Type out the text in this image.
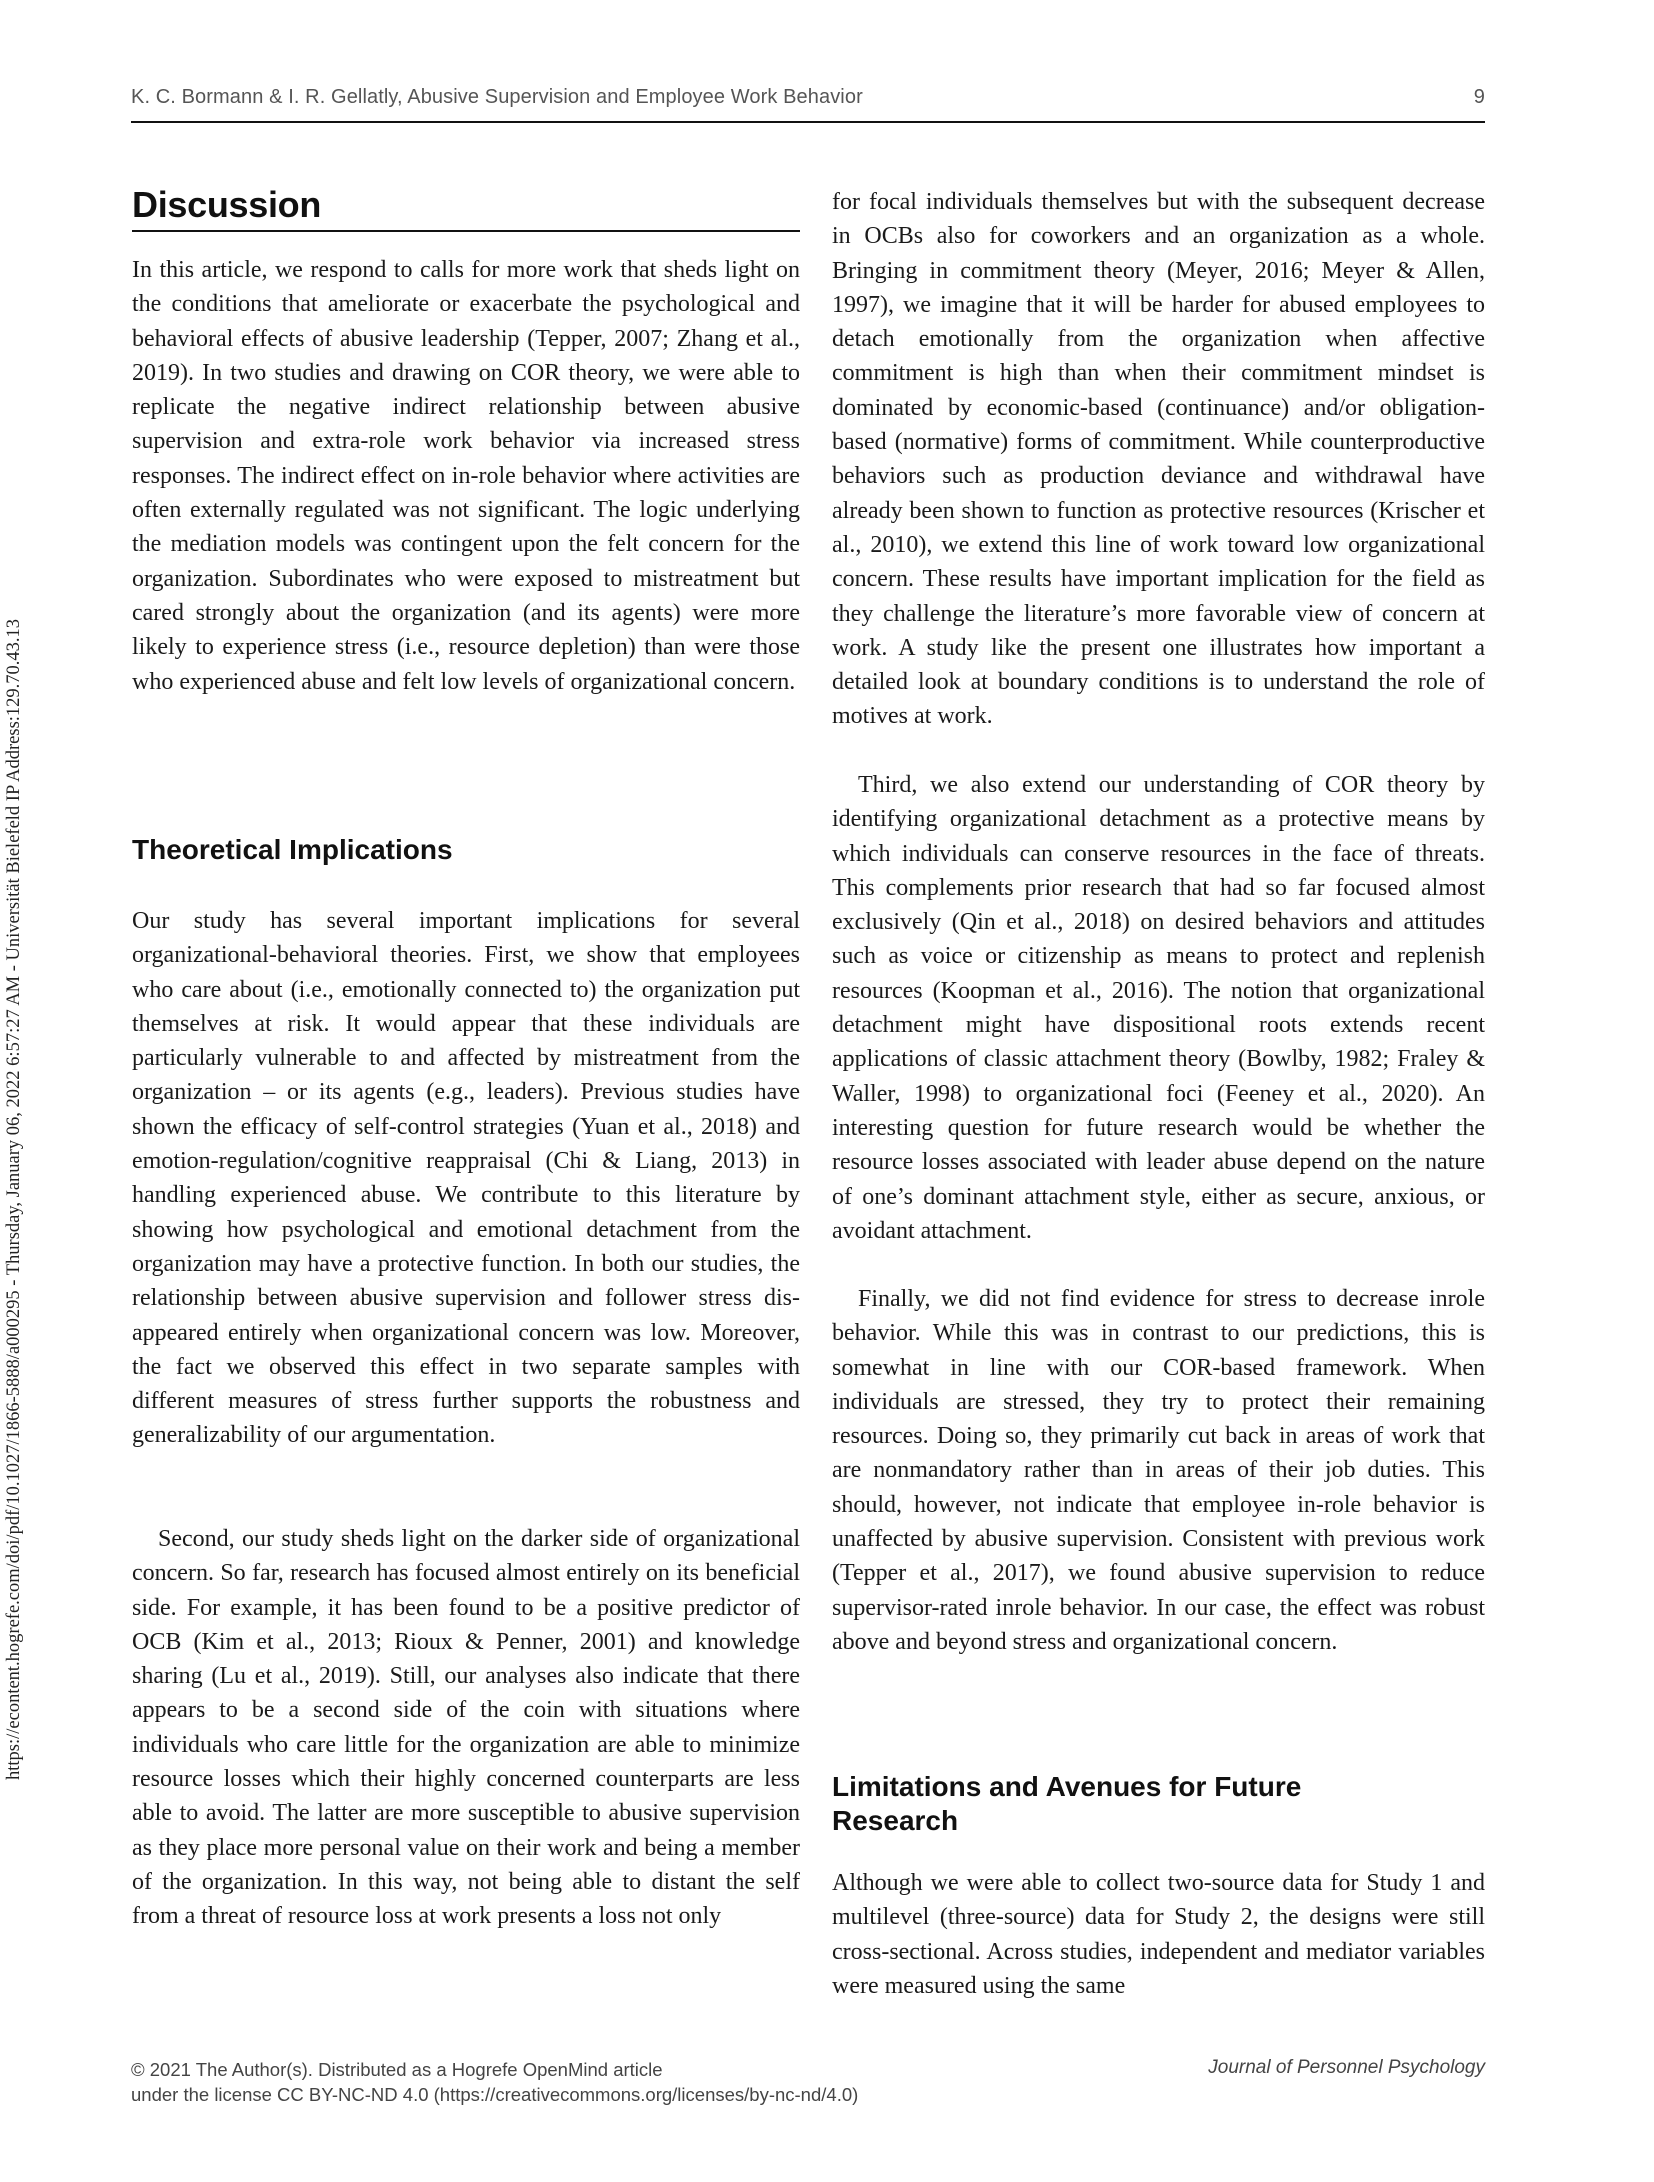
K. C. Bormann & I. R. Gellatly, Abusive Supervision and Employee Work Behavior	9
https://econtent.hogrefe.com/doi/pdf/10.1027/1866-5888/a000295 - Thursday, January 06, 2022 6:57:27 AM - Universität Bielefeld IP Address:129.70.43.13
Discussion

In this article, we respond to calls for more work that sheds light on the conditions that ameliorate or exacerbate the psychological and behavioral effects of abusive leadership (Tepper, 2007; Zhang et al., 2019). In two studies and drawing on COR theory, we were able to replicate the negative indirect relationship between abusive supervision and extra-role work behavior via increased stress responses. The indirect effect on in-role behavior where activities are often externally regulated was not significant. The logic underlying the mediation models was contingent upon the felt concern for the organization. Subordinates who were exposed to mistreatment but cared strongly about the organization (and its agents) were more likely to experience stress (i.e., resource depletion) than were those who experienced abuse and felt low levels of organizational concern.

Theoretical Implications

Our study has several important implications for several organizational-behavioral theories. First, we show that employees who care about (i.e., emotionally connected to) the organization put themselves at risk. It would appear that these individuals are particularly vulnerable to and affected by mistreatment from the organization – or its agents (e.g., leaders). Previous studies have shown the efficacy of self-control strategies (Yuan et al., 2018) and emotion-regulation/cognitive reappraisal (Chi & Liang, 2013) in handling experienced abuse. We contribute to this literature by showing how psychological and emotional detachment from the organization may have a protective function. In both our studies, the relationship between abusive supervision and follower stress disappeared entirely when organizational concern was low. Moreover, the fact we observed this effect in two separate samples with different measures of stress further supports the robustness and generalizability of our argumentation.

Second, our study sheds light on the darker side of organizational concern. So far, research has focused almost entirely on its beneficial side. For example, it has been found to be a positive predictor of OCB (Kim et al., 2013; Rioux & Penner, 2001) and knowledge sharing (Lu et al., 2019). Still, our analyses also indicate that there appears to be a second side of the coin with situations where individuals who care little for the organization are able to minimize resource losses which their highly concerned counterparts are less able to avoid. The latter are more susceptible to abusive supervision as they place more personal value on their work and being a member of the organization. In this way, not being able to distant the self from a threat of resource loss at work presents a loss not only

for focal individuals themselves but with the subsequent decrease in OCBs also for coworkers and an organization as a whole. Bringing in commitment theory (Meyer, 2016; Meyer & Allen, 1997), we imagine that it will be harder for abused employees to detach emotionally from the organization when affective commitment is high than when their commitment mindset is dominated by economic-based (continuance) and/or obligation-based (normative) forms of commitment. While counterproductive behaviors such as production deviance and withdrawal have already been shown to function as protective resources (Krischer et al., 2010), we extend this line of work toward low organizational concern. These results have important implication for the field as they challenge the literature’s more favorable view of concern at work. A study like the present one illustrates how important a detailed look at boundary conditions is to understand the role of motives at work.

Third, we also extend our understanding of COR theory by identifying organizational detachment as a protective means by which individuals can conserve resources in the face of threats. This complements prior research that had so far focused almost exclusively (Qin et al., 2018) on desired behaviors and attitudes such as voice or citizenship as means to protect and replenish resources (Koopman et al., 2016). The notion that organizational detachment might have dispositional roots extends recent applications of classic attachment theory (Bowlby, 1982; Fraley & Waller, 1998) to organizational foci (Feeney et al., 2020). An interesting question for future research would be whether the resource losses associated with leader abuse depend on the nature of one’s dominant attachment style, either as secure, anxious, or avoidant attachment.

Finally, we did not find evidence for stress to decrease inrole behavior. While this was in contrast to our predictions, this is somewhat in line with our COR-based framework. When individuals are stressed, they try to protect their remaining resources. Doing so, they primarily cut back in areas of work that are nonmandatory rather than in areas of their job duties. This should, however, not indicate that employee in-role behavior is unaffected by abusive supervision. Consistent with previous work (Tepper et al., 2017), we found abusive supervision to reduce supervisor-rated inrole behavior. In our case, the effect was robust above and beyond stress and organizational concern.

Limitations and Avenues for Future Research

Although we were able to collect two-source data for Study 1 and multilevel (three-source) data for Study 2, the designs were still cross-sectional. Across studies, independent and mediator variables were measured using the same

© 2021 The Author(s). Distributed as a Hogrefe OpenMind article
under the license CC BY-NC-ND 4.0 (https://creativecommons.org/licenses/by-nc-nd/4.0)
Journal of Personnel Psychology
